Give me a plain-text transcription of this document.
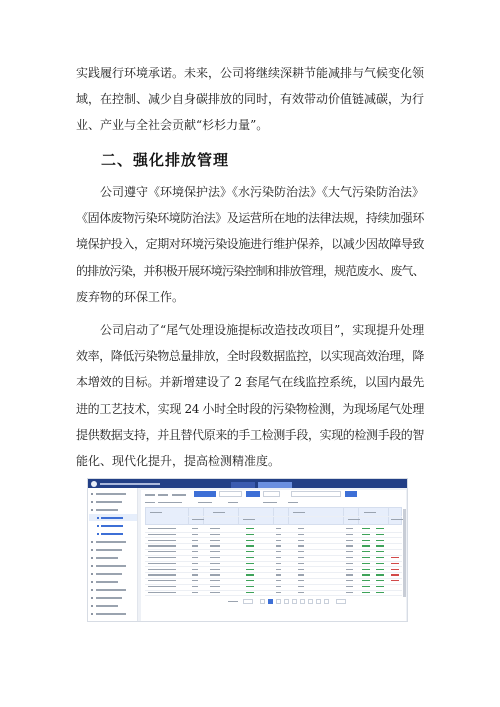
实践履行环境承诺。未来，公司将继续深耕节能减排与气候变化领
域，在控制、减少自身碳排放的同时，有效带动价值链减碳，为行
业、产业与全社会贡献“杉杉力量”。
二、强化排放管理
公司遵守《环境保护法》《水污染防治法》《大气污染防治法》
《固体废物污染环境防治法》及运营所在地的法律法规，持续加强环
境保护投入，定期对环境污染设施进行维护保养，以减少因故障导致
的排放污染，并积极开展环境污染控制和排放管理，规范废水、废气、
废弃物的环保工作。
公司启动了“尾气处理设施提标改造技改项目”，实现提升处理
效率，降低污染物总量排放，全时段数据监控，以实现高效治理，降
本增效的目标。并新增建设了 2 套尾气在线监控系统，以国内最先
进的工艺技术，实现 24 小时全时段的污染物检测，为现场尾气处理
提供数据支持，并且替代原来的手工检测手段，实现的检测手段的智
能化、现代化提升，提高检测精准度。
